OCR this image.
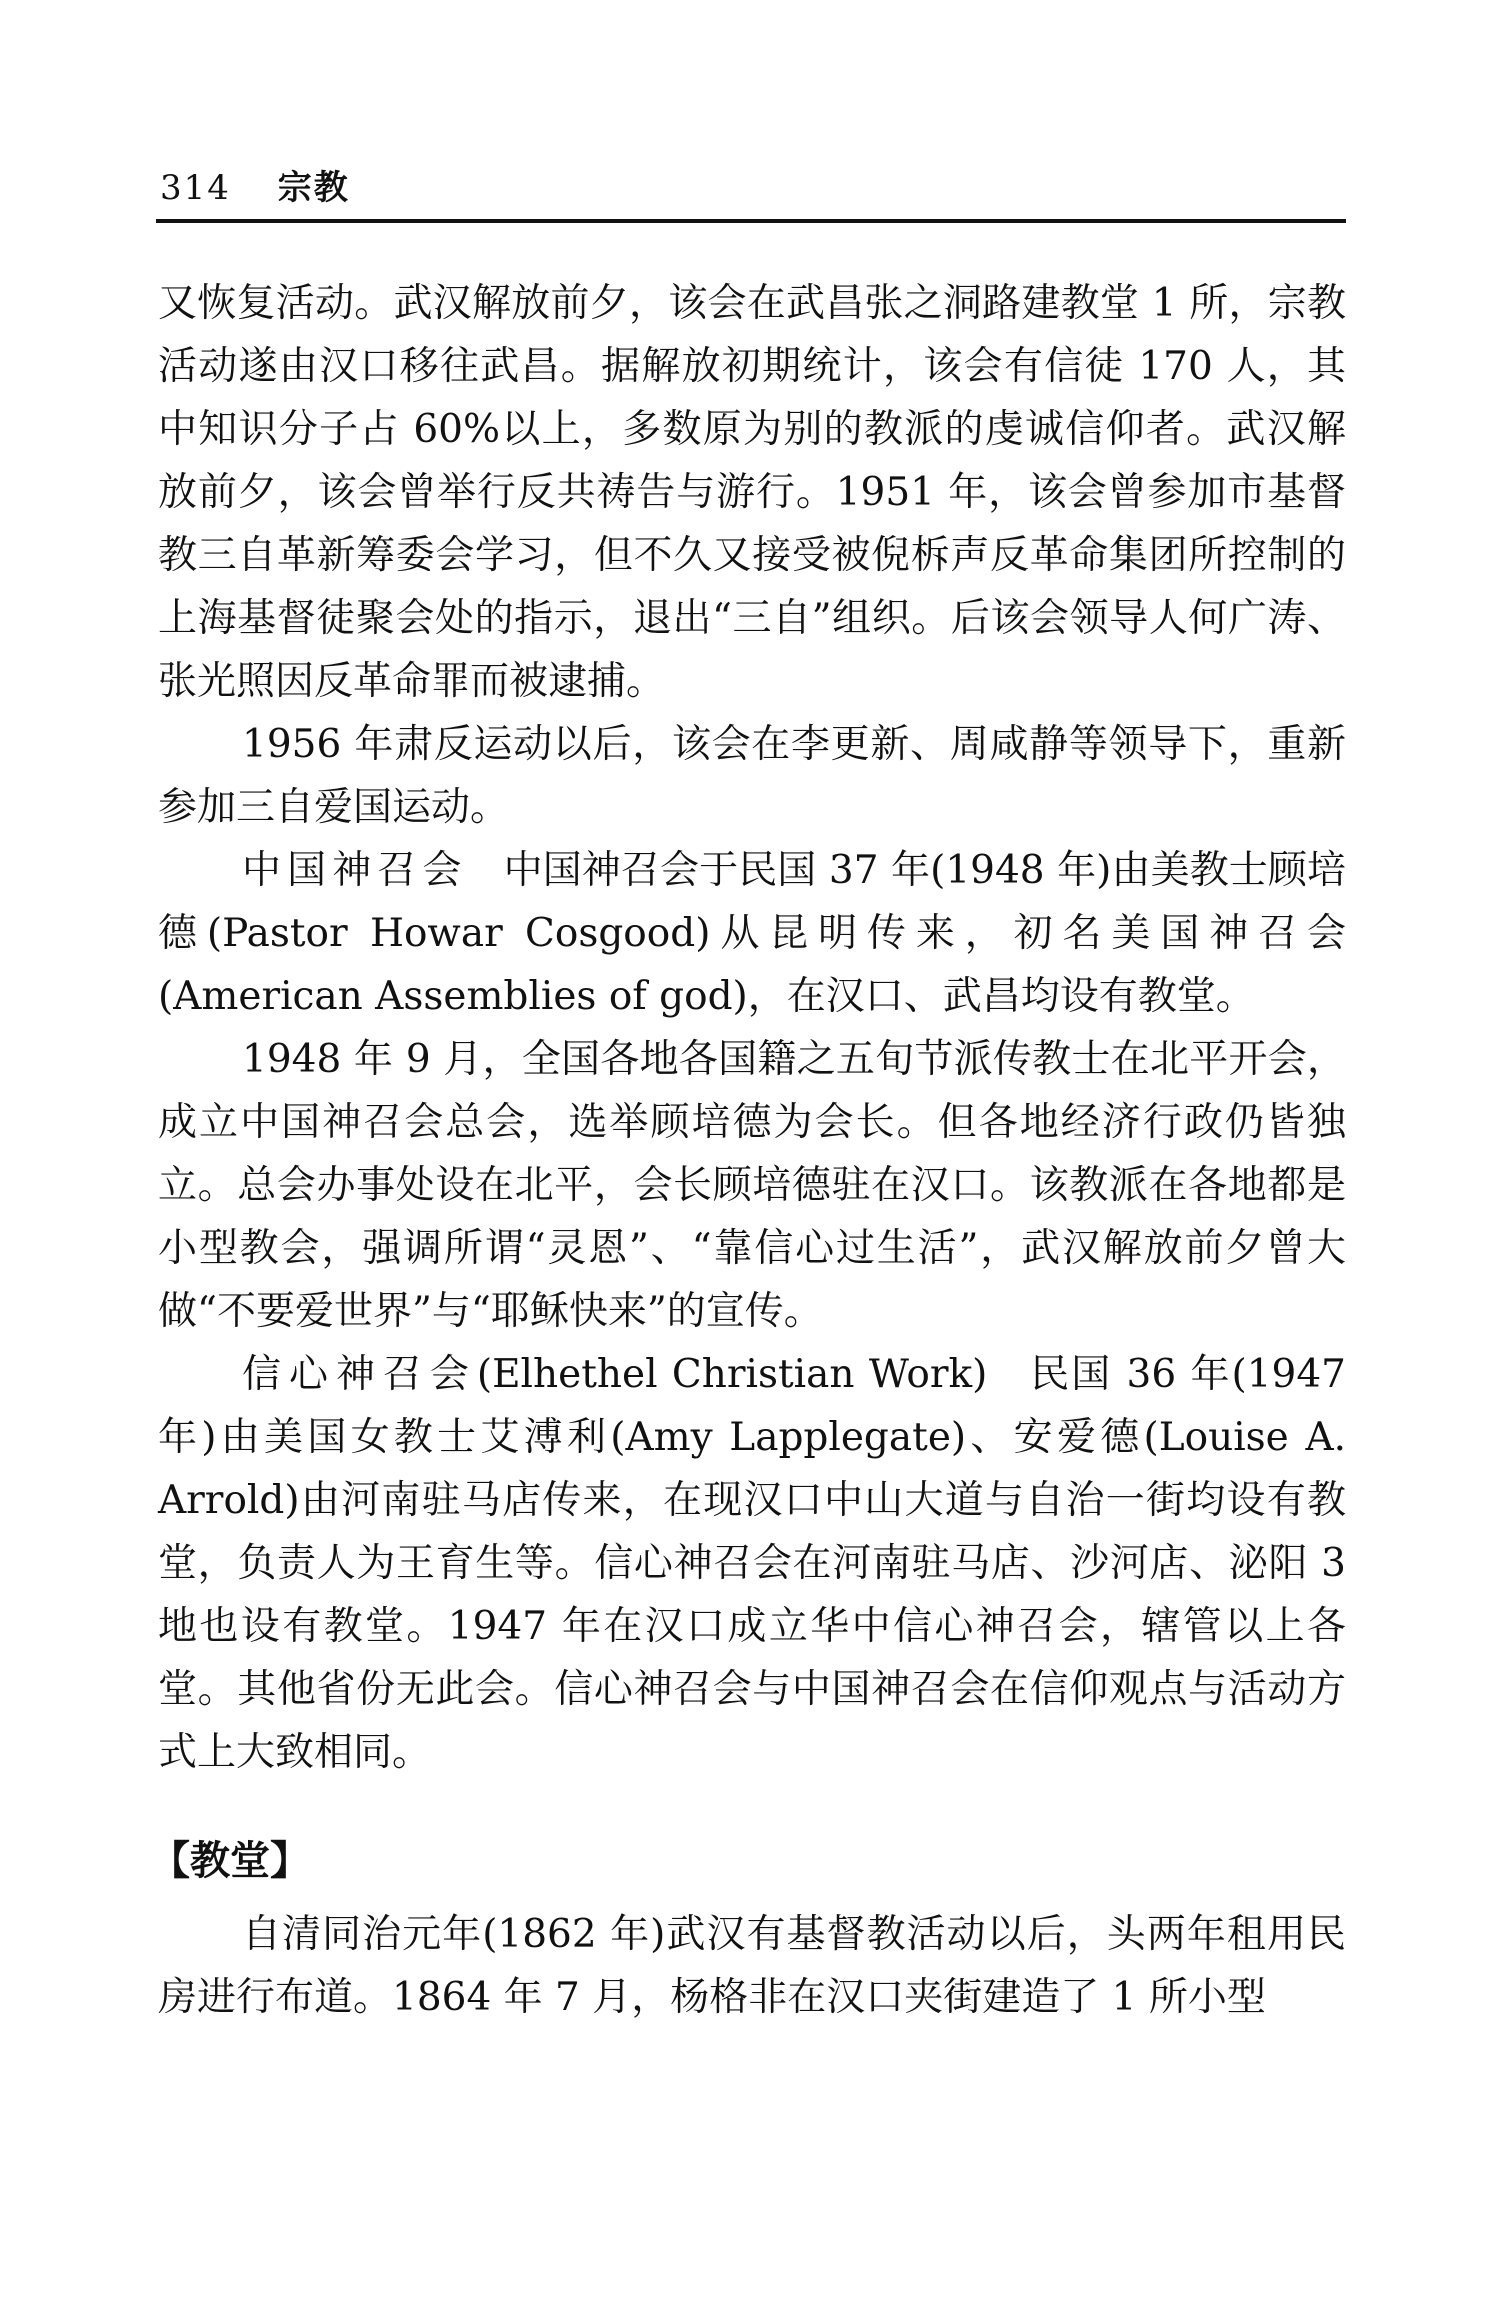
314 宗教

又恢复活动。武汉解放前夕，该会在武昌张之洞路建教堂 1 所，宗教活动遂由汉口移往武昌。据解放初期统计，该会有信徒 170 人，其中知识分子占 60%以上，多数原为别的教派的虔诚信仰者。武汉解放前夕，该会曾举行反共祷告与游行。1951 年，该会曾参加市基督教三自革新筹委会学习，但不久又接受被倪柝声反革命集团所控制的上海基督徒聚会处的指示，退出“三自”组织。后该会领导人何广涛、张光照因反革命罪而被逮捕。

1956 年肃反运动以后，该会在李更新、周咸静等领导下，重新参加三自爱国运动。

中国神召会 中国神召会于民国 37 年(1948 年)由美教士顾培德(Pastor Howar Cosgood)从昆明传来，初名美国神召会(American Assemblies of god)，在汉口、武昌均设有教堂。

1948 年 9 月，全国各地各国籍之五旬节派传教士在北平开会，成立中国神召会总会，选举顾培德为会长。但各地经济行政仍皆独立。总会办事处设在北平，会长顾培德驻在汉口。该教派在各地都是小型教会，强调所谓“灵恩”、“靠信心过生活”，武汉解放前夕曾大做“不要爱世界”与“耶稣快来”的宣传。

信心神召会(Elhethel Christian Work)　民国 36 年(1947 年)由美国女教士艾溥利(Amy Lapplegate)、安爱德(Louise A. Arrold)由河南驻马店传来，在现汉口中山大道与自治一街均设有教堂，负责人为王育生等。信心神召会在河南驻马店、沙河店、泌阳 3 地也设有教堂。1947 年在汉口成立华中信心神召会，辖管以上各堂。其他省份无此会。信心神召会与中国神召会在信仰观点与活动方式上大致相同。

【教堂】

自清同治元年(1862 年)武汉有基督教活动以后，头两年租用民房进行布道。1864 年 7 月，杨格非在汉口夹街建造了 1 所小型
